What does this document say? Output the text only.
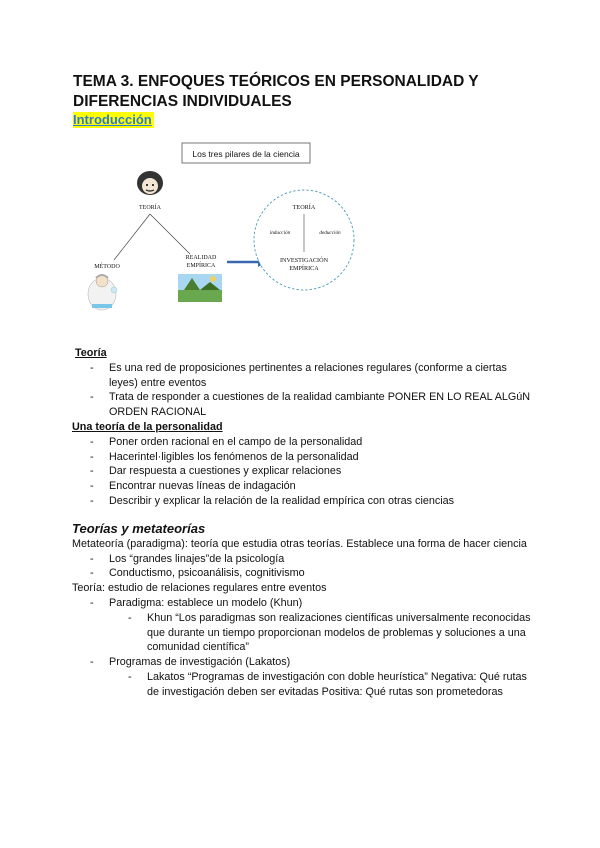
TEMA 3. ENFOQUES TEÓRICOS EN PERSONALIDAD Y DIFERENCIAS INDIVIDUALES
Introducción
Los tres pilares de la ciencia
TEORÍA
MÉTODO
REALIDAD
EMPÍRICA
TEORÍA
inducción	deducción
INVESTIGACIÓN
EMPÍRICA
Teoría
- Es una red de proposiciones pertinentes a relaciones regulares (conforme a ciertas leyes) entre eventos
- Trata de responder a cuestiones de la realidad cambiante PONER EN LO REAL ALGúN ORDEN RACIONAL
Una teoría de la personalidad
- Poner orden racional en el campo de la personalidad
- Hacerintel·ligibles los fenómenos de la personalidad
- Dar respuesta a cuestiones y explicar relaciones
- Encontrar nuevas líneas de indagación
- Describir y explicar la relación de la realidad empírica con otras ciencias
Teorías y metateorías

Metateoría (paradigma): teoría que estudia otras teorías. Establece una forma de hacer ciencia

- Los “grandes linajes”de la psicología
- Conductismo, psicoanálisis, cognitivismo

Teoría: estudio de relaciones regulares entre eventos

- Paradigma: establece un modelo (Khun)
- Khun “Los paradigmas son realizaciones científicas universalmente reconocidas que durante un tiempo proporcionan modelos de problemas y soluciones a una comunidad científica”
- Programas de investigación (Lakatos)
- Lakatos “Programas de investigación con doble heurística” Negativa: Qué rutas de investigación deben ser evitadas Positiva: Qué rutas son prometedoras
